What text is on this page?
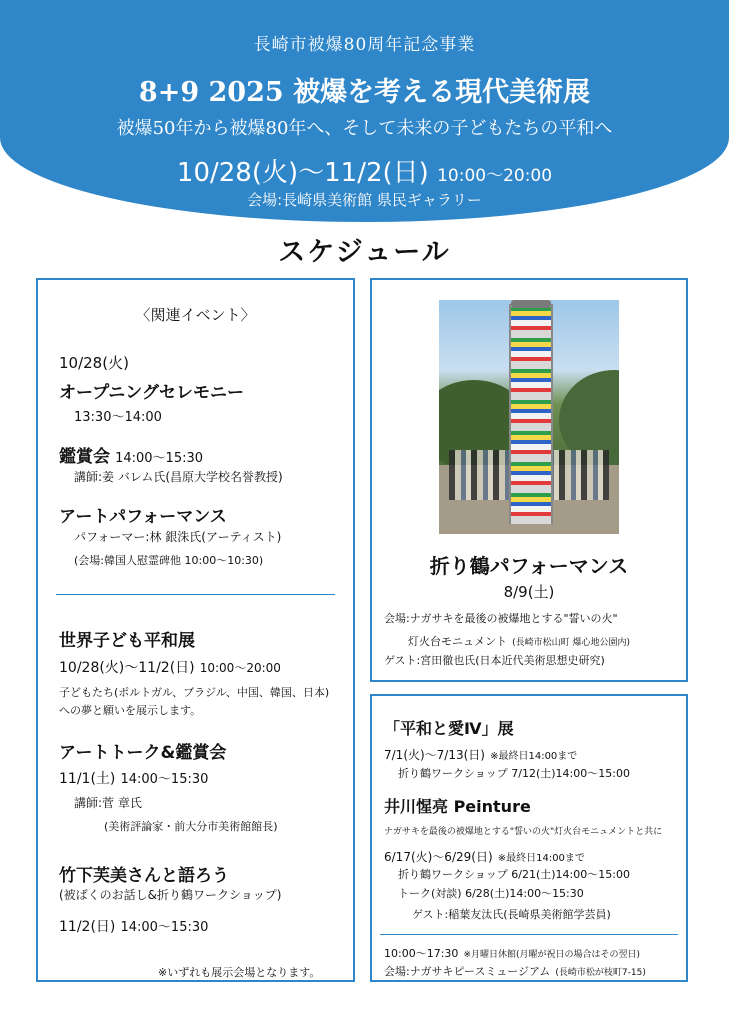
長崎市被爆80周年記念事業
8+9 2025 被爆を考える現代美術展
被爆50年から被爆80年へ、そして未来の子どもたちの平和へ
10/28(火)〜11/2(日) 10:00〜20:00
会場:長崎県美術館 県民ギャラリー
スケジュール
〈関連イベント〉
10/28(火)
オープニングセレモニー
13:30〜14:00
鑑賞会 14:00〜15:30
講師:姜 バレム氏(昌原大学校名誉教授)
アートパフォーマンス
パフォーマー:林 銀洙氏(アーティスト)
(会場:韓国人慰霊碑他 10:00〜10:30)
世界子ども平和展
10/28(火)〜11/2(日) 10:00〜20:00
子どもたち(ポルトガル、ブラジル、中国、韓国、日本)
への夢と願いを展示します。
アートトーク&鑑賞会
11/1(土) 14:00〜15:30
講師:菅 章氏
(美術評論家・前大分市美術館館長)
竹下芙美さんと語ろう
(被ばくのお話し&折り鶴ワークショップ)
11/2(日) 14:00〜15:30
※いずれも展示会場となります。
折り鶴パフォーマンス
8/9(土)
会場:ナガサキを最後の被爆地とする"誓いの火"
灯火台モニュメント (長崎市松山町 爆心地公園内)
ゲスト:宮田徹也氏(日本近代美術思想史研究)
「平和と愛Ⅳ」展
7/1(火)〜7/13(日) ※最終日14:00まで
折り鶴ワークショップ 7/12(土)14:00〜15:00
井川惺亮 Peinture
ナガサキを最後の被爆地とする"誓いの火"灯火台モニュメントと共に
6/17(火)〜6/29(日) ※最終日14:00まで
折り鶴ワークショップ 6/21(土)14:00〜15:00
トーク(対談) 6/28(土)14:00〜15:30
ゲスト:稲葉友汰氏(長崎県美術館学芸員)
10:00〜17:30 ※月曜日休館(月曜が祝日の場合はその翌日)
会場:ナガサキピースミュージアム (長崎市松が枝町7-15)
